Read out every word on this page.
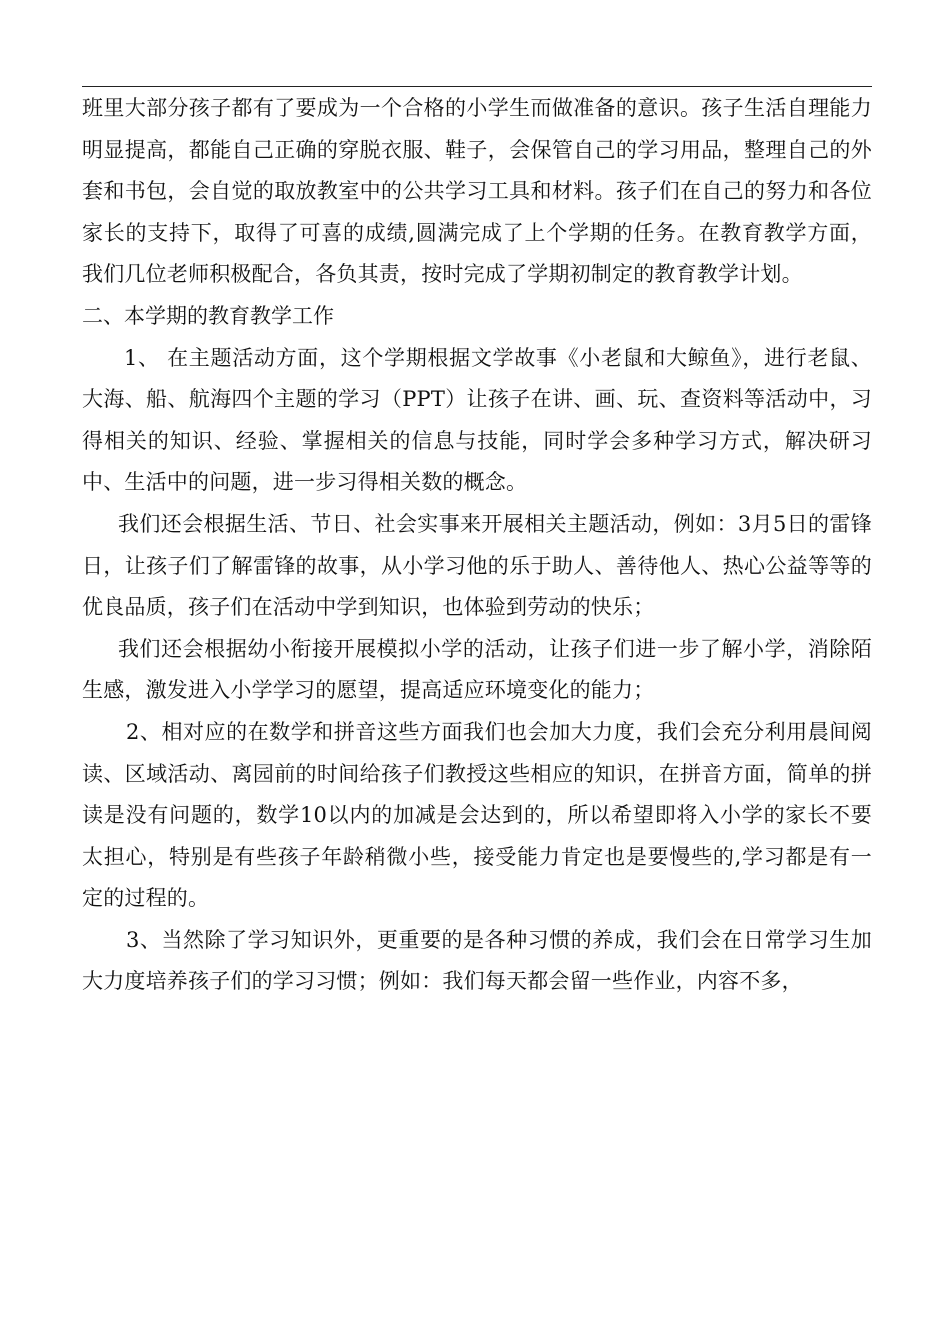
班里大部分孩子都有了要成为一个合格的小学生而做准备的意识。孩子生活自理能力明显提高，都能自己正确的穿脱衣服、鞋子，会保管自己的学习用品，整理自己的外套和书包，会自觉的取放教室中的公共学习工具和材料。孩子们在自己的努力和各位家长的支持下，取得了可喜的成绩,圆满完成了上个学期的任务。在教育教学方面，我们几位老师积极配合，各负其责，按时完成了学期初制定的教育教学计划。

二、本学期的教育教学工作

1、 在主题活动方面，这个学期根据文学故事《小老鼠和大鲸鱼》，进行老鼠、大海、船、航海四个主题的学习（PPT）让孩子在讲、画、玩、查资料等活动中，习得相关的知识、经验、掌握相关的信息与技能，同时学会多种学习方式，解决研习中、生活中的问题，进一步习得相关数的概念。

我们还会根据生活、节日、社会实事来开展相关主题活动，例如：3月5日的雷锋日，让孩子们了解雷锋的故事，从小学习他的乐于助人、善待他人、热心公益等等的优良品质，孩子们在活动中学到知识，也体验到劳动的快乐；

我们还会根据幼小衔接开展模拟小学的活动，让孩子们进一步了解小学，消除陌生感，激发进入小学学习的愿望，提高适应环境变化的能力；

2、相对应的在数学和拼音这些方面我们也会加大力度，我们会充分利用晨间阅读、区域活动、离园前的时间给孩子们教授这些相应的知识，在拼音方面，简单的拼读是没有问题的，数学10以内的加减是会达到的，所以希望即将入小学的家长不要太担心，特别是有些孩子年龄稍微小些，接受能力肯定也是要慢些的,学习都是有一定的过程的。

3、当然除了学习知识外，更重要的是各种习惯的养成，我们会在日常学习生加大力度培养孩子们的学习习惯；例如：我们每天都会留一些作业，内容不多，
